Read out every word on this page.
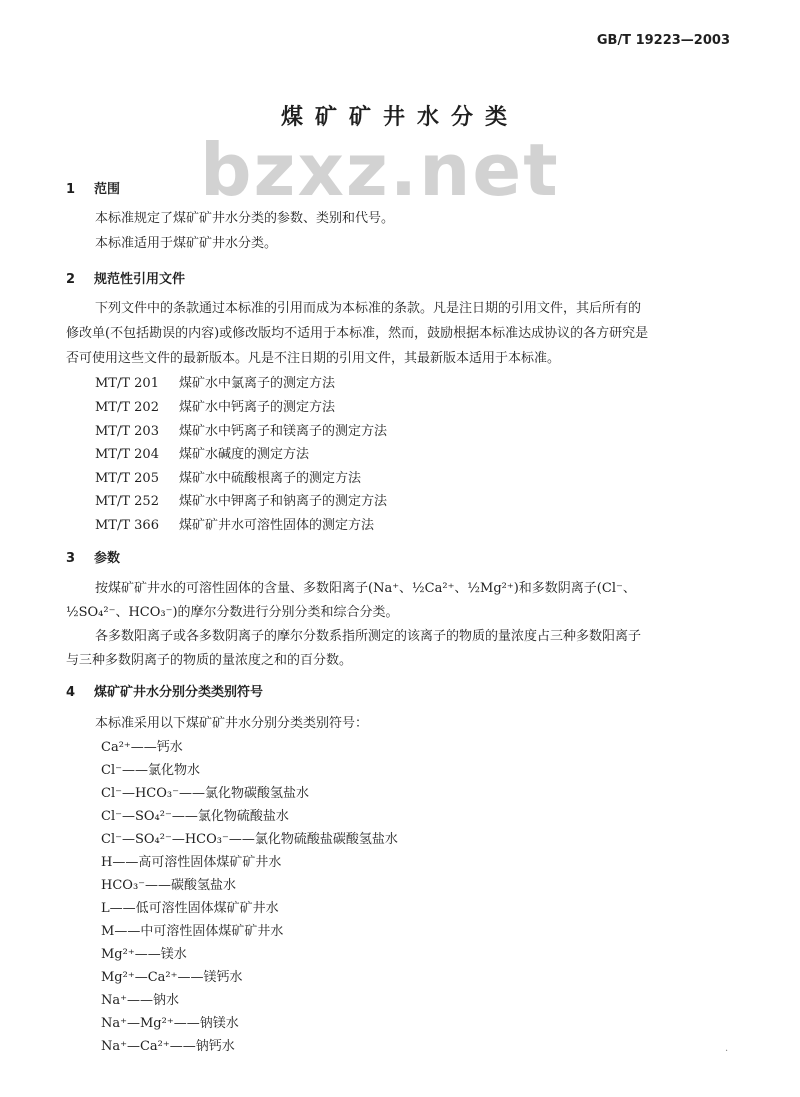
GB/T 19223—2003
煤矿矿井水分类
bzxz.net
1 范围
本标准规定了煤矿矿井水分类的参数、类别和代号。
本标准适用于煤矿矿井水分类。
2 规范性引用文件
下列文件中的条款通过本标准的引用而成为本标准的条款。凡是注日期的引用文件，其后所有的
修改单(不包括勘误的内容)或修改版均不适用于本标准，然而，鼓励根据本标准达成协议的各方研究是
否可使用这些文件的最新版本。凡是不注日期的引用文件，其最新版本适用于本标准。
MT/T 201 煤矿水中氯离子的测定方法
MT/T 202 煤矿水中钙离子的测定方法
MT/T 203 煤矿水中钙离子和镁离子的测定方法
MT/T 204 煤矿水碱度的测定方法
MT/T 205 煤矿水中硫酸根离子的测定方法
MT/T 252 煤矿水中钾离子和钠离子的测定方法
MT/T 366 煤矿矿井水可溶性固体的测定方法
3 参数
按煤矿矿井水的可溶性固体的含量、多数阳离子(Na⁺、½Ca²⁺、½Mg²⁺)和多数阴离子(Cl⁻、
½SO₄²⁻、HCO₃⁻)的摩尔分数进行分别分类和综合分类。
各多数阳离子或各多数阴离子的摩尔分数系指所测定的该离子的物质的量浓度占三种多数阳离子
与三种多数阴离子的物质的量浓度之和的百分数。
4 煤矿矿井水分别分类类别符号
本标准采用以下煤矿矿井水分别分类类别符号：
Ca²⁺——钙水
Cl⁻——氯化物水
Cl⁻—HCO₃⁻——氯化物碳酸氢盐水
Cl⁻—SO₄²⁻——氯化物硫酸盐水
Cl⁻—SO₄²⁻—HCO₃⁻——氯化物硫酸盐碳酸氢盐水
H——高可溶性固体煤矿矿井水
HCO₃⁻——碳酸氢盐水
L——低可溶性固体煤矿矿井水
M——中可溶性固体煤矿矿井水
Mg²⁺——镁水
Mg²⁺—Ca²⁺——镁钙水
Na⁺——钠水
Na⁺—Mg²⁺——钠镁水
Na⁺—Ca²⁺——钠钙水	·
